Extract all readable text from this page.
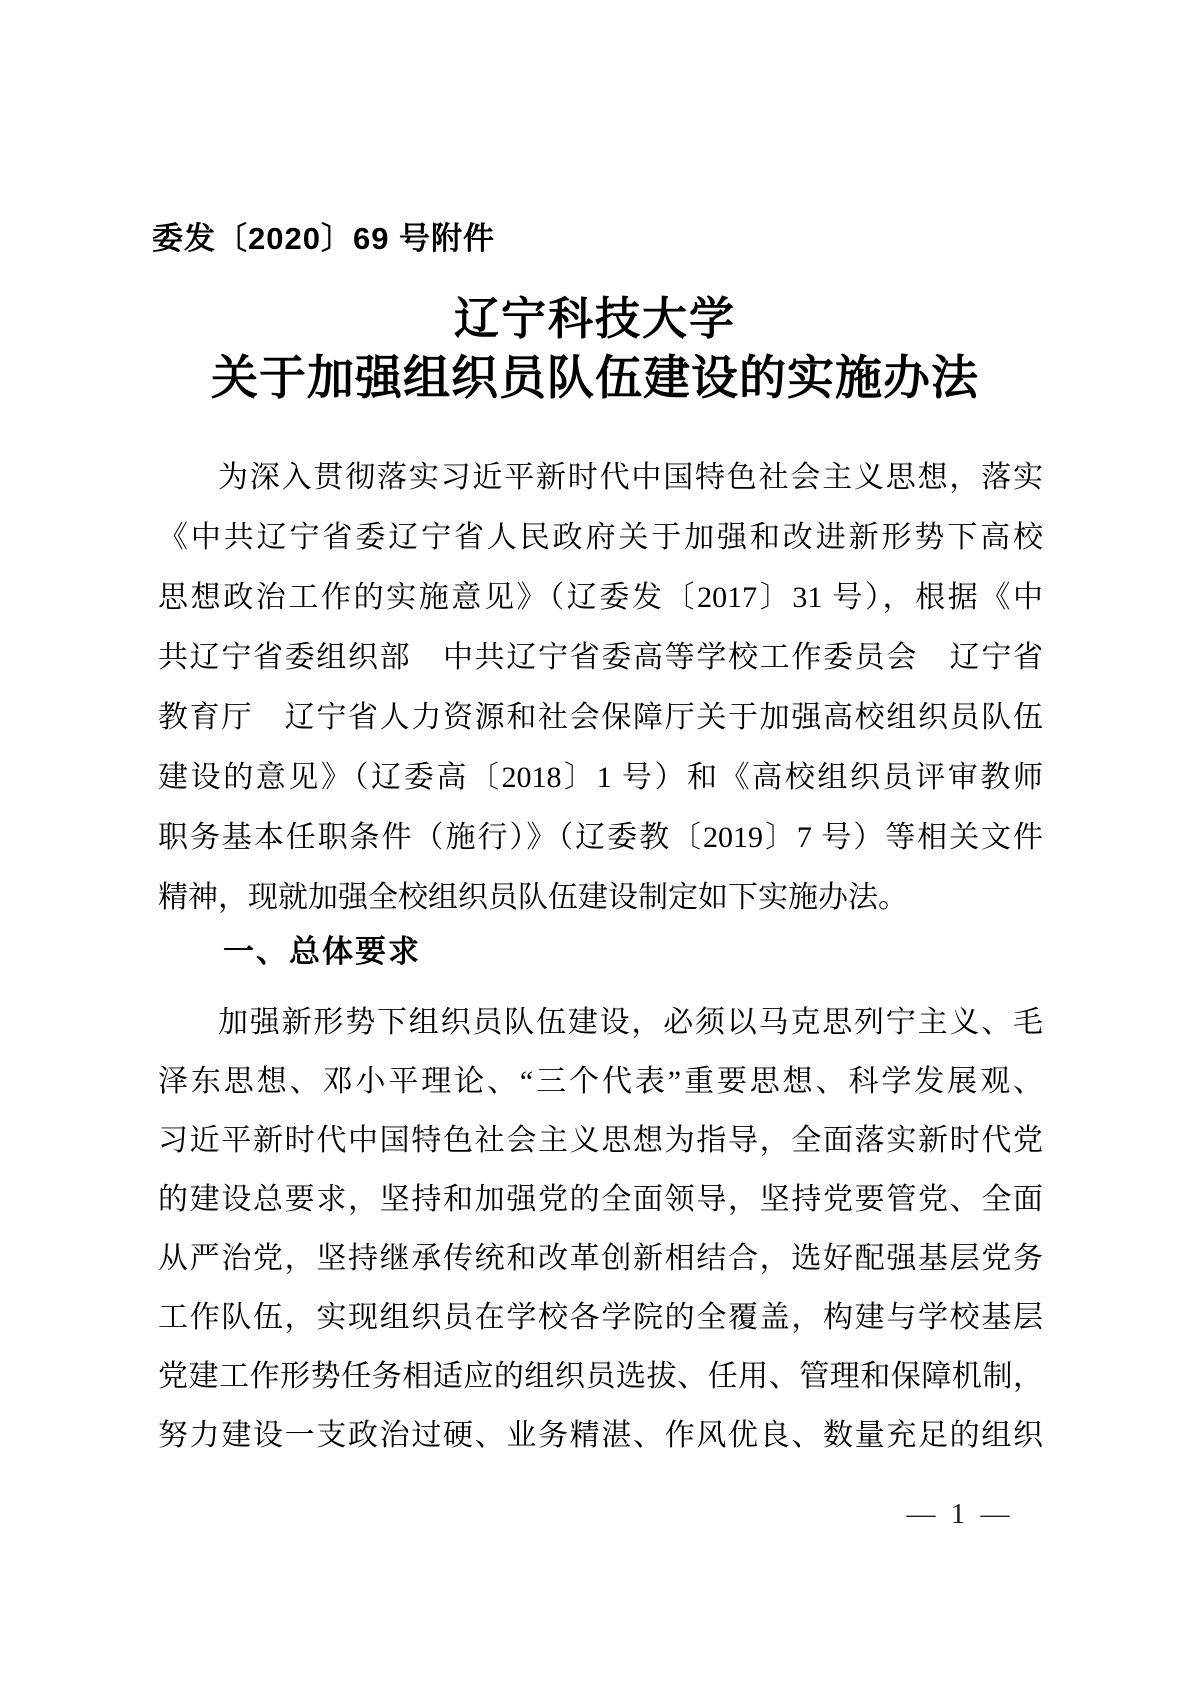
委发〔2020〕69 号附件
辽宁科技大学
关于加强组织员队伍建设的实施办法
为深入贯彻落实习近平新时代中国特色社会主义思想，落实
《中共辽宁省委辽宁省人民政府关于加强和改进新形势下高校
思想政治工作的实施意见》（辽委发〔2017〕31 号），根据《中
共辽宁省委组织部　中共辽宁省委高等学校工作委员会　辽宁省
教育厅　辽宁省人力资源和社会保障厅关于加强高校组织员队伍
建设的意见》（辽委高〔2018〕1 号）和《高校组织员评审教师
职务基本任职条件（施行）》（辽委教〔2019〕7 号）等相关文件
精神，现就加强全校组织员队伍建设制定如下实施办法。
一、总体要求
加强新形势下组织员队伍建设，必须以马克思列宁主义、毛
泽东思想、邓小平理论、“三个代表”重要思想、科学发展观、
习近平新时代中国特色社会主义思想为指导，全面落实新时代党
的建设总要求，坚持和加强党的全面领导，坚持党要管党、全面
从严治党，坚持继承传统和改革创新相结合，选好配强基层党务
工作队伍，实现组织员在学校各学院的全覆盖，构建与学校基层
党建工作形势任务相适应的组织员选拔、任用、管理和保障机制，
努力建设一支政治过硬、业务精湛、作风优良、数量充足的组织
— 1 —
